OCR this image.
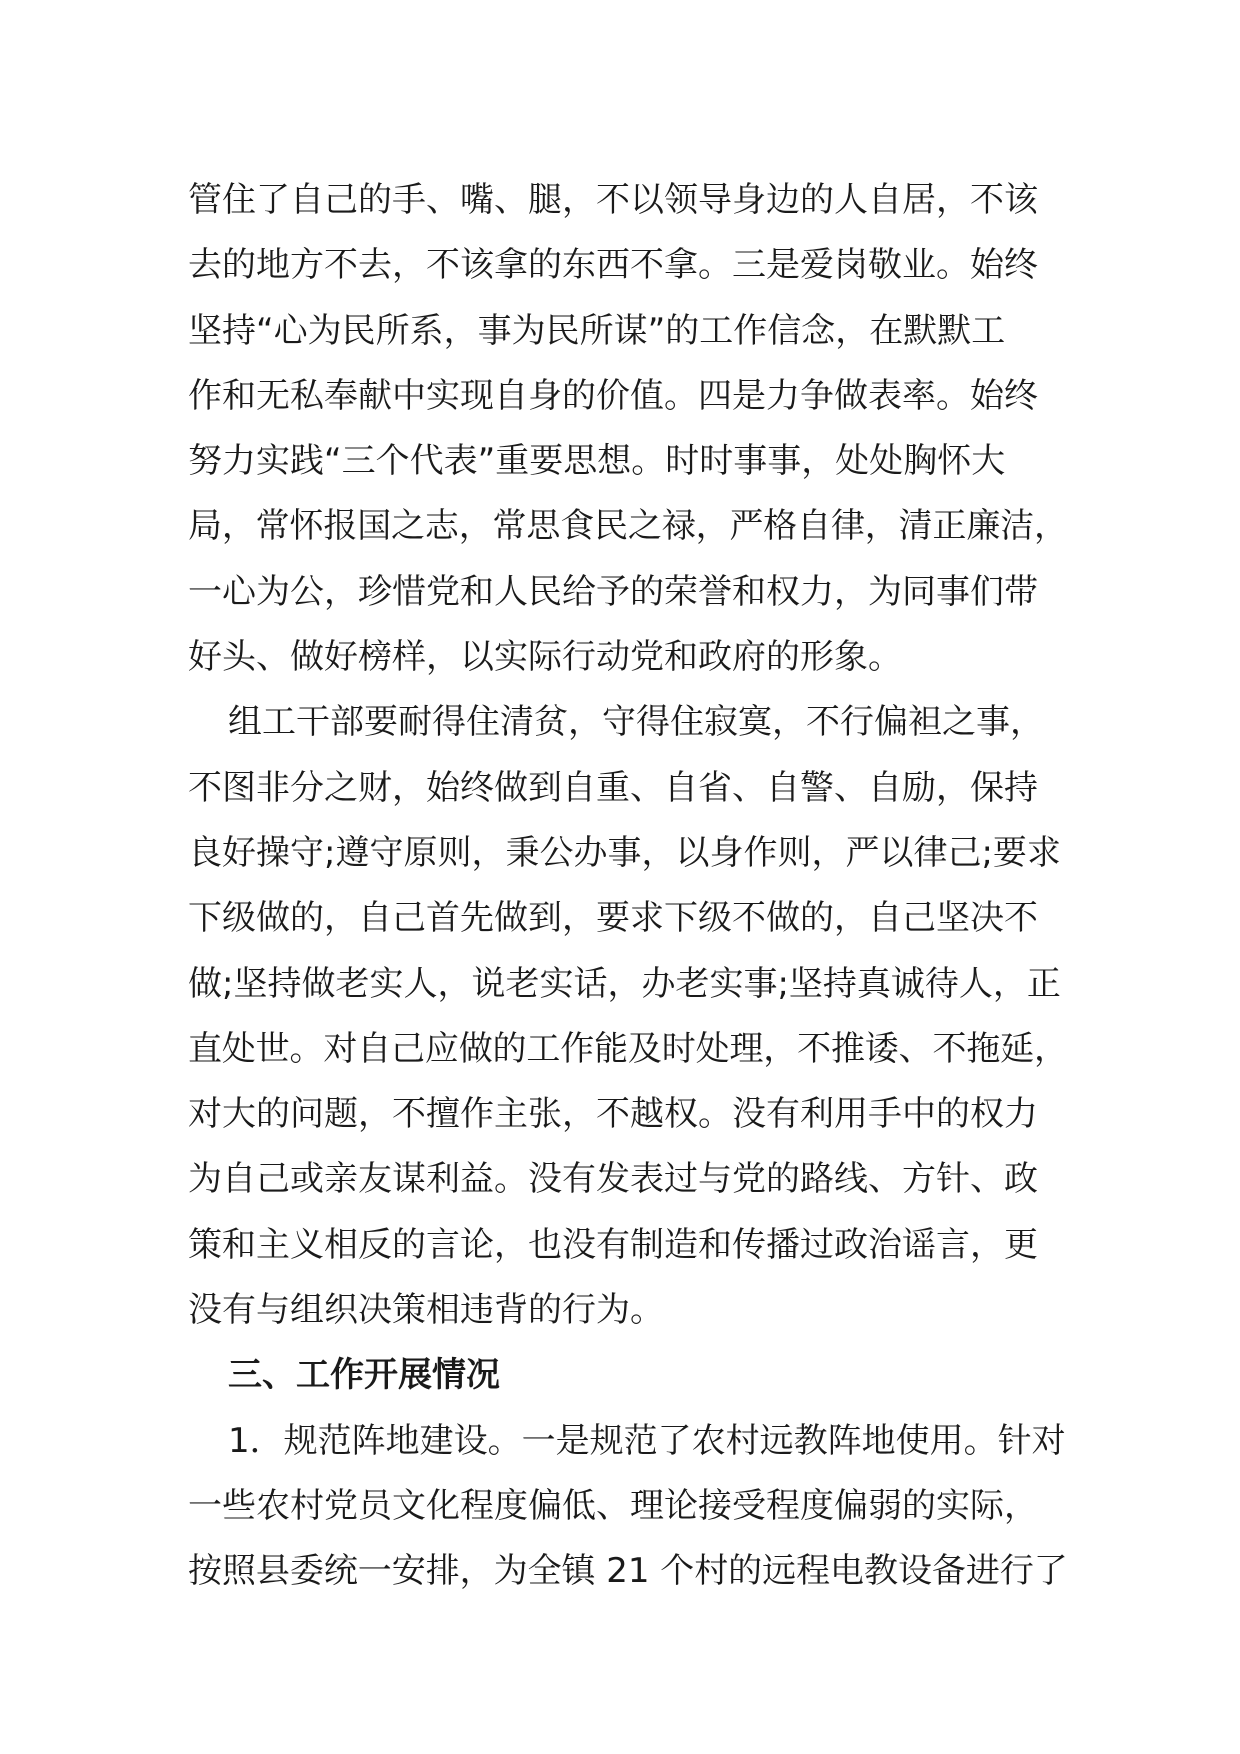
管住了自己的手、嘴、腿，不以领导身边的人自居，不该
去的地方不去，不该拿的东西不拿。三是爱岗敬业。始终
坚持“心为民所系，事为民所谋”的工作信念，在默默工
作和无私奉献中实现自身的价值。四是力争做表率。始终
努力实践“三个代表”重要思想。时时事事，处处胸怀大
局，常怀报国之志，常思食民之禄，严格自律，清正廉洁，
一心为公，珍惜党和人民给予的荣誉和权力，为同事们带
好头、做好榜样，以实际行动党和政府的形象。
组工干部要耐得住清贫，守得住寂寞，不行偏袒之事，
不图非分之财，始终做到自重、自省、自警、自励，保持
良好操守;遵守原则，秉公办事，以身作则，严以律己;要求
下级做的，自己首先做到，要求下级不做的，自己坚决不
做;坚持做老实人，说老实话，办老实事;坚持真诚待人，正
直处世。对自己应做的工作能及时处理，不推诿、不拖延，
对大的问题，不擅作主张，不越权。没有利用手中的权力
为自己或亲友谋利益。没有发表过与党的路线、方针、政
策和主义相反的言论，也没有制造和传播过政治谣言，更
没有与组织决策相违背的行为。
三、工作开展情况
1．规范阵地建设。一是规范了农村远教阵地使用。针对
一些农村党员文化程度偏低、理论接受程度偏弱的实际，
按照县委统一安排，为全镇 21 个村的远程电教设备进行了
